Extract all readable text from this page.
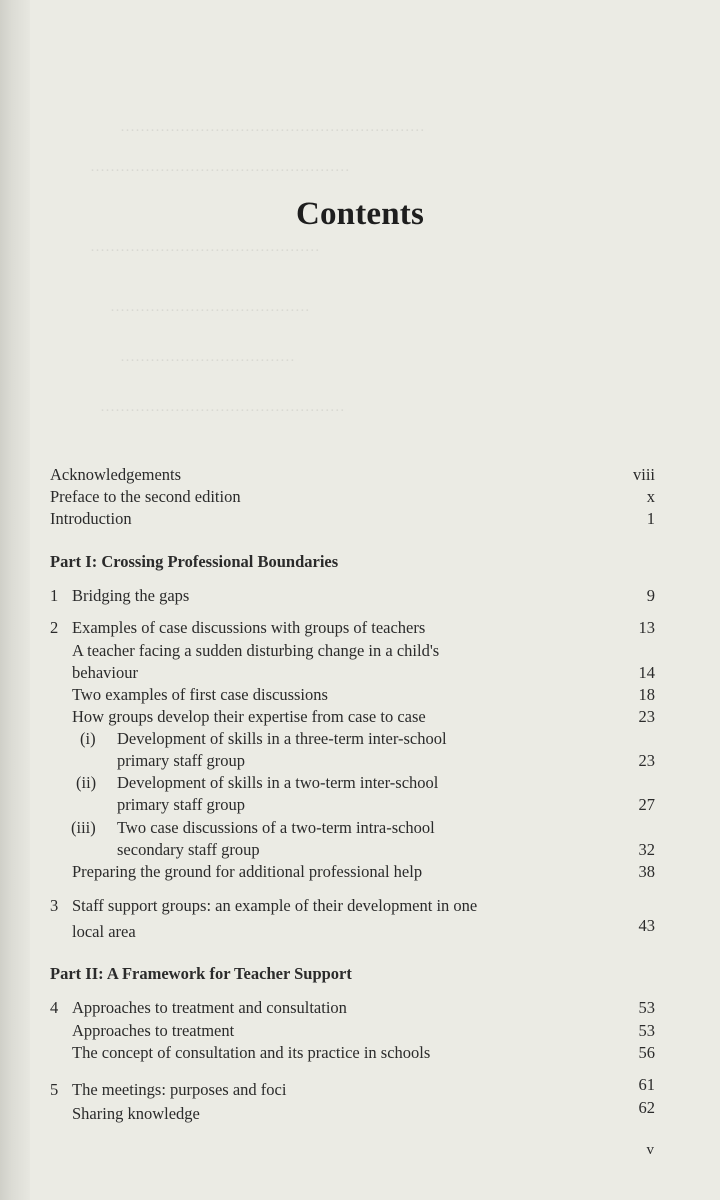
·····························································
····················································
··············································
········································
···································
·················································
Contents
Acknowledgements	viii
Preface to the second edition	x
Introduction	1
Part I: Crossing Professional Boundaries
1 Bridging the gaps	9
2 Examples of case discussions with groups of teachers	13
A teacher facing a sudden disturbing change in a child's
behaviour	14
Two examples of first case discussions	18
How groups develop their expertise from case to case	23
(i) Development of skills in a three-term inter-school
primary staff group	23
(ii) Development of skills in a two-term inter-school
primary staff group	27
(iii) Two case discussions of a two-term intra-school
secondary staff group	32
Preparing the ground for additional professional help	38
3 Staff support groups: an example of their development in one
local area	43
Part II: A Framework for Teacher Support
4 Approaches to treatment and consultation	53
Approaches to treatment	53
The concept of consultation and its practice in schools	56
5 The meetings: purposes and foci	61
Sharing knowledge	62
v
